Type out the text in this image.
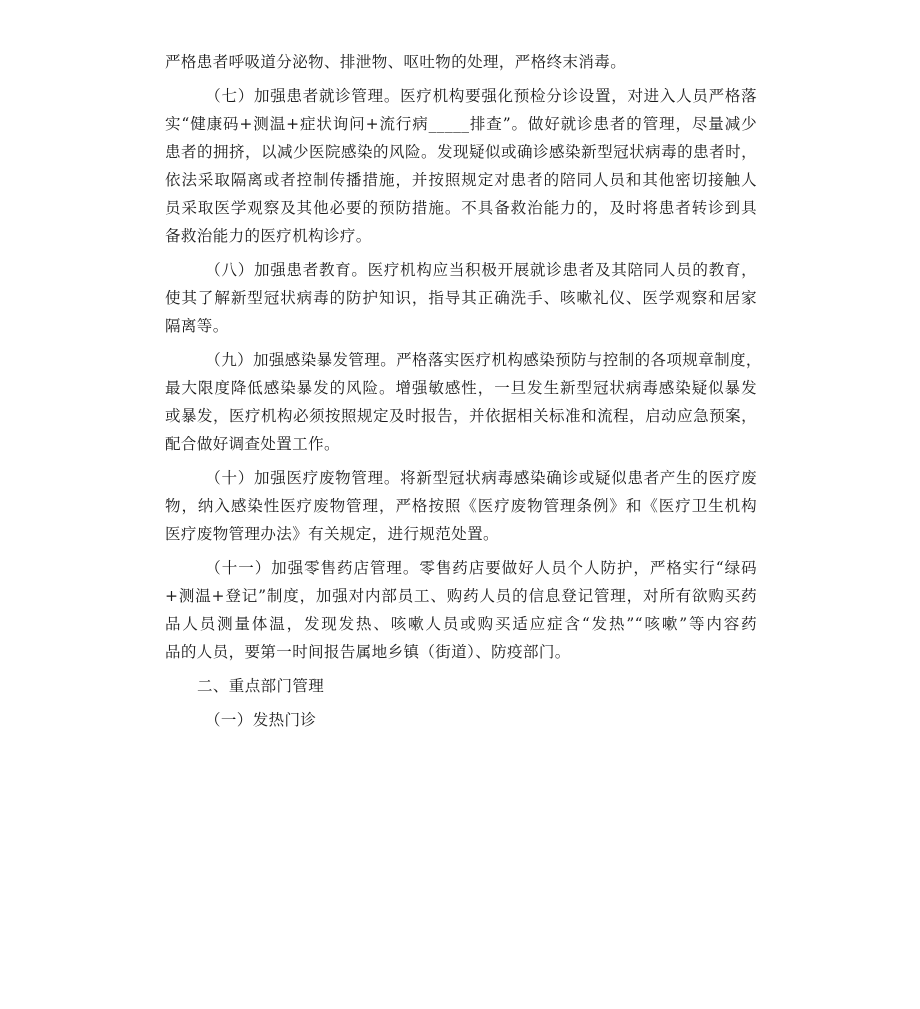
严格患者呼吸道分泌物、排泄物、呕吐物的处理，严格终末消毒。
（七）加强患者就诊管理。医疗机构要强化预检分诊设置，对进入人员严格落
实“健康码+测温+症状询问+流行病_____排查”。做好就诊患者的管理，尽量减少
患者的拥挤，以减少医院感染的风险。发现疑似或确诊感染新型冠状病毒的患者时，
依法采取隔离或者控制传播措施，并按照规定对患者的陪同人员和其他密切接触人
员采取医学观察及其他必要的预防措施。不具备救治能力的，及时将患者转诊到具
备救治能力的医疗机构诊疗。
（八）加强患者教育。医疗机构应当积极开展就诊患者及其陪同人员的教育，
使其了解新型冠状病毒的防护知识，指导其正确洗手、咳嗽礼仪、医学观察和居家
隔离等。
（九）加强感染暴发管理。严格落实医疗机构感染预防与控制的各项规章制度，
最大限度降低感染暴发的风险。增强敏感性，一旦发生新型冠状病毒感染疑似暴发
或暴发，医疗机构必须按照规定及时报告，并依据相关标准和流程，启动应急预案，
配合做好调查处置工作。
（十）加强医疗废物管理。将新型冠状病毒感染确诊或疑似患者产生的医疗废
物，纳入感染性医疗废物管理，严格按照《医疗废物管理条例》和《医疗卫生机构
医疗废物管理办法》有关规定，进行规范处置。
（十一）加强零售药店管理。零售药店要做好人员个人防护，严格实行“绿码
+测温+登记”制度，加强对内部员工、购药人员的信息登记管理，对所有欲购买药
品人员测量体温，发现发热、咳嗽人员或购买适应症含“发热”“咳嗽”等内容药
品的人员，要第一时间报告属地乡镇（街道）、防疫部门。
二、重点部门管理
（一）发热门诊
